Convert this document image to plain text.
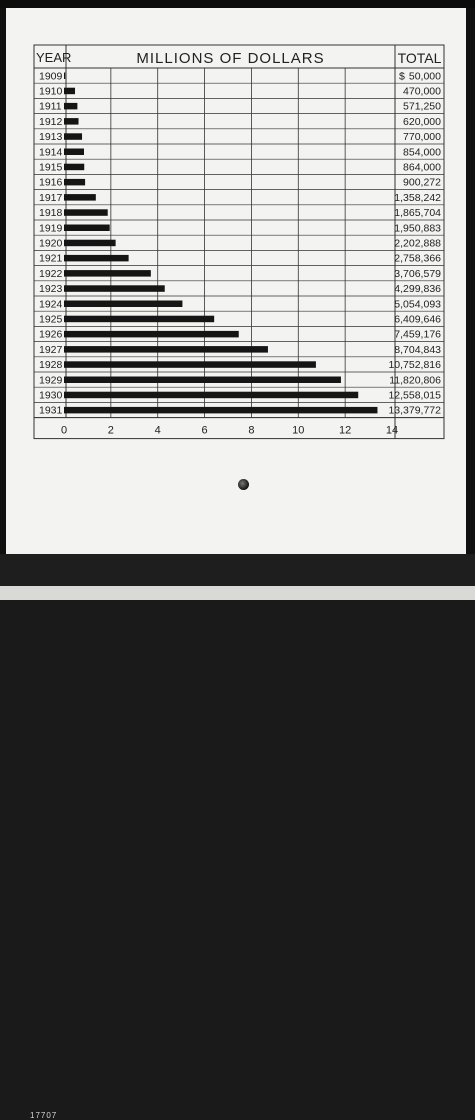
17707
YEAR	MILLIONS OF DOLLARS	TOTAL
0	2	4	6	8	10	12	14
1909	$ 50,000
1910	470,000
1911	571,250
1912	620,000
1913	770,000
1914	854,000
1915	864,000
1916	900,272
1917	1,358,242
1918	1,865,704
1919	1,950,883
1920	2,202,888
1921	2,758,366
1922	3,706,579
1923	4,299,836
1924	5,054,093
1925	6,409,646
1926	7,459,176
1927	8,704,843
1928	10,752,816
1929	11,820,806
1930	12,558,015
1931	13,379,772
